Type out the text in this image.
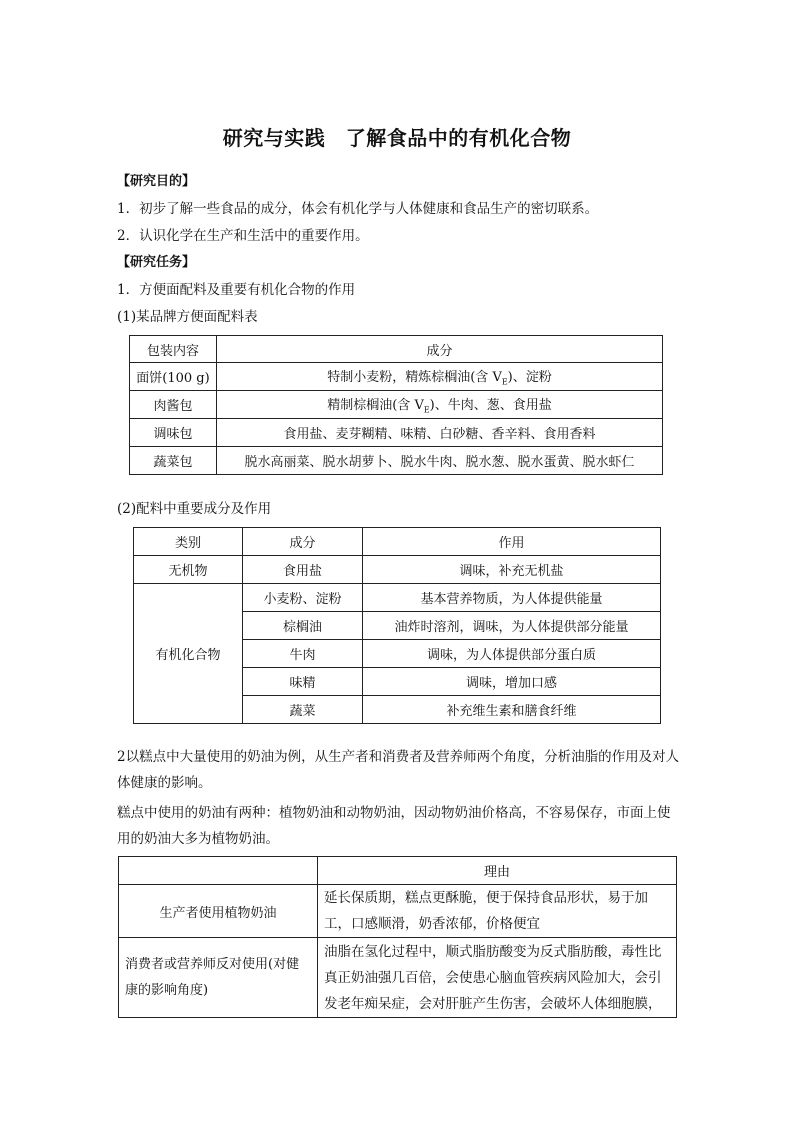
研究与实践　了解食品中的有机化合物
【研究目的】
1．初步了解一些食品的成分，体会有机化学与人体健康和食品生产的密切联系。
2．认识化学在生产和生活中的重要作用。
【研究任务】
1．方便面配料及重要有机化合物的作用
(1)某品牌方便面配料表
包装内容	成分
面饼(100 g)	特制小麦粉，精炼棕榈油(含 $V_E$)、淀粉
肉酱包	精制棕榈油(含 $V_E$)、牛肉、葱、食用盐
调味包	食用盐、麦芽糊精、味精、白砂糖、香辛料、食用香料
蔬菜包	脱水高丽菜、脱水胡萝卜、脱水牛肉、脱水葱、脱水蛋黄、脱水虾仁
(2)配料中重要成分及作用
类别	成分	作用
无机物	食用盐	调味，补充无机盐
有机化合物	小麦粉、淀粉	基本营养物质，为人体提供能量
	棕榈油	油炸时溶剂，调味，为人体提供部分能量
	牛肉	调味，为人体提供部分蛋白质
	味精	调味，增加口感
	蔬菜	补充维生素和膳食纤维

2以糕点中大量使用的奶油为例，从生产者和消费者及营养师两个角度，分析油脂的作用及对人体健康的影响。

糕点中使用的奶油有两种：植物奶油和动物奶油，因动物奶油价格高，不容易保存，市面上使用的奶油大多为植物奶油。

	理由
生产者使用植物奶油	延长保质期，糕点更酥脆，便于保持食品形状，易于加工，口感顺滑，奶香浓郁，价格便宜
消费者或营养师反对使用(对健康的影响角度)	油脂在氢化过程中，顺式脂肪酸变为反式脂肪酸，毒性比真正奶油强几百倍，会使患心脑血管疾病风险加大，会引发老年痴呆症，会对肝脏产生伤害，会破坏人体细胞膜，
